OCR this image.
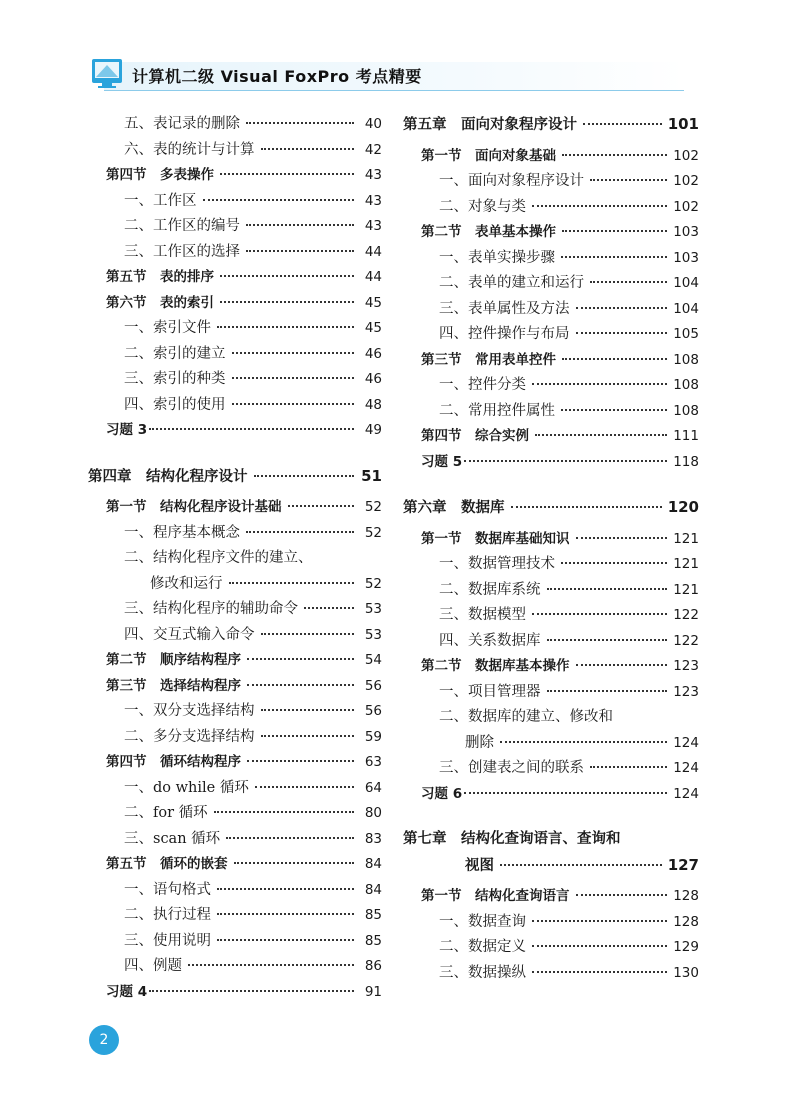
计算机二级 Visual FoxPro 考点精要
五、表记录的删除	40
六、表的统计与计算	42
第四节　多表操作	43
一、工作区	43
二、工作区的编号	43
三、工作区的选择	44
第五节　表的排序	44
第六节　表的索引	45
一、索引文件	45
二、索引的建立	46
三、索引的种类	46
四、索引的使用	48
习题 3	49
第四章　结构化程序设计	51
第一节　结构化程序设计基础	52
一、程序基本概念	52
二、结构化程序文件的建立、
修改和运行	52
三、结构化程序的辅助命令	53
四、交互式输入命令	53
第二节　顺序结构程序	54
第三节　选择结构程序	56
一、双分支选择结构	56
二、多分支选择结构	59
第四节　循环结构程序	63
一、do while 循环	64
二、for 循环	80
三、scan 循环	83
第五节　循环的嵌套	84
一、语句格式	84
二、执行过程	85
三、使用说明	85
四、例题	86
习题 4	91
第五章　面向对象程序设计	101
第一节　面向对象基础	102
一、面向对象程序设计	102
二、对象与类	102
第二节　表单基本操作	103
一、表单实操步骤	103
二、表单的建立和运行	104
三、表单属性及方法	104
四、控件操作与布局	105
第三节　常用表单控件	108
一、控件分类	108
二、常用控件属性	108
第四节　综合实例	111
习题 5	118
第六章　数据库	120
第一节　数据库基础知识	121
一、数据管理技术	121
二、数据库系统	121
三、数据模型	122
四、关系数据库	122
第二节　数据库基本操作	123
一、项目管理器	123
二、数据库的建立、修改和
删除	124
三、创建表之间的联系	124
习题 6	124
第七章　结构化查询语言、查询和
视图	127
第一节　结构化查询语言	128
一、数据查询	128
二、数据定义	129
三、数据操纵	130
2
